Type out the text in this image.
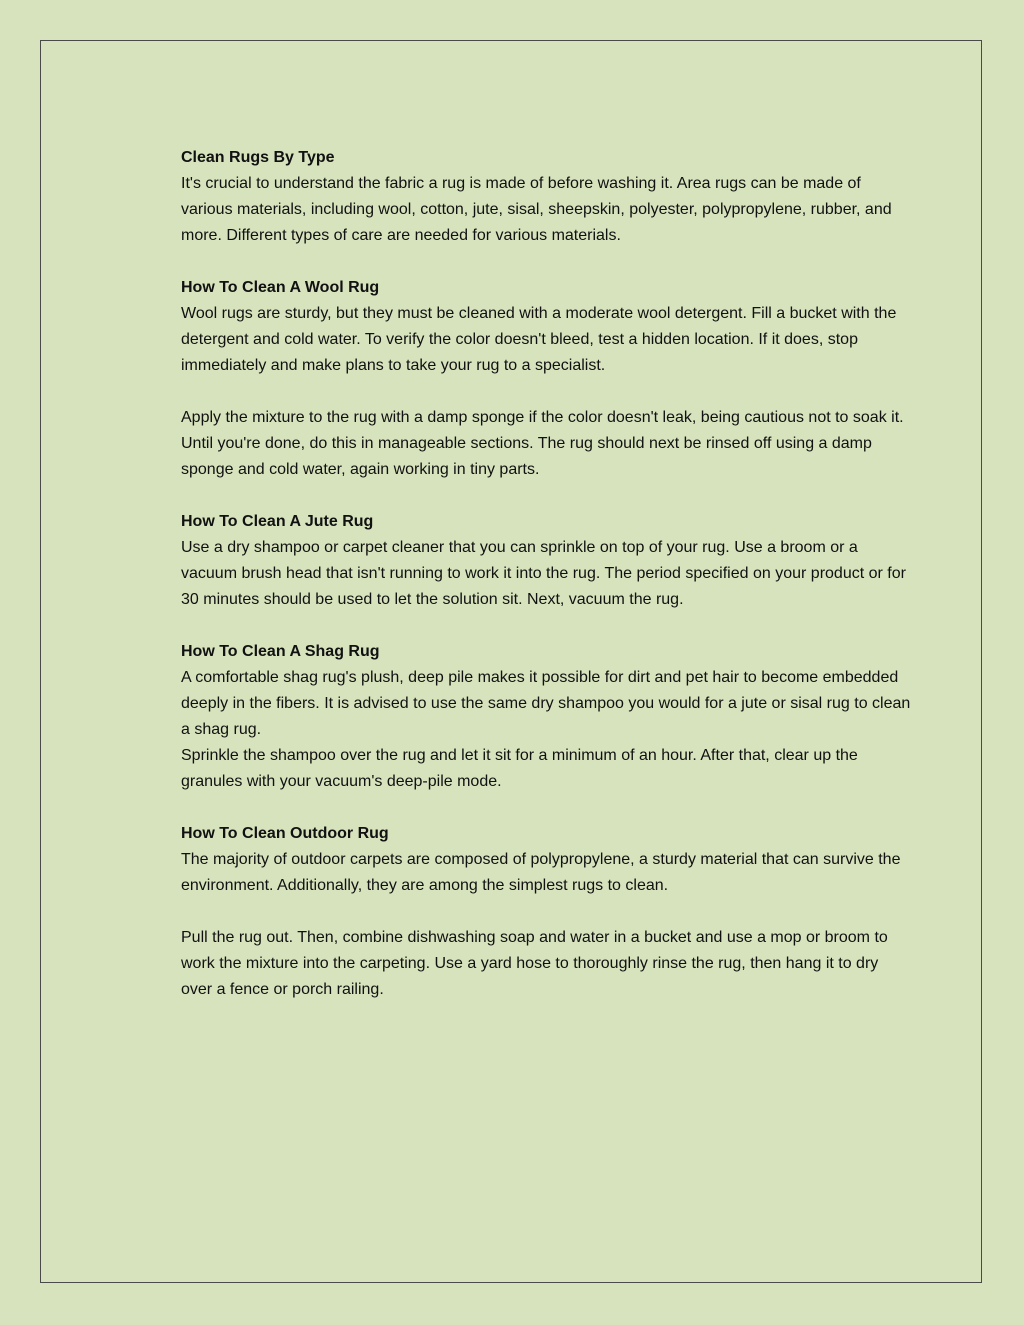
Clean Rugs By Type

It's crucial to understand the fabric a rug is made of before washing it. Area rugs can be made of various materials, including wool, cotton, jute, sisal, sheepskin, polyester, polypropylene, rubber, and more. Different types of care are needed for various materials.

How To Clean A Wool Rug

Wool rugs are sturdy, but they must be cleaned with a moderate wool detergent. Fill a bucket with the detergent and cold water. To verify the color doesn't bleed, test a hidden location. If it does, stop immediately and make plans to take your rug to a specialist.

Apply the mixture to the rug with a damp sponge if the color doesn't leak, being cautious not to soak it. Until you're done, do this in manageable sections. The rug should next be rinsed off using a damp sponge and cold water, again working in tiny parts.

How To Clean A Jute Rug

Use a dry shampoo or carpet cleaner that you can sprinkle on top of your rug. Use a broom or a vacuum brush head that isn't running to work it into the rug. The period specified on your product or for 30 minutes should be used to let the solution sit. Next, vacuum the rug.

How To Clean A Shag Rug

A comfortable shag rug's plush, deep pile makes it possible for dirt and pet hair to become embedded deeply in the fibers. It is advised to use the same dry shampoo you would for a jute or sisal rug to clean a shag rug.

Sprinkle the shampoo over the rug and let it sit for a minimum of an hour. After that, clear up the granules with your vacuum's deep-pile mode.

How To Clean Outdoor Rug

The majority of outdoor carpets are composed of polypropylene, a sturdy material that can survive the environment. Additionally, they are among the simplest rugs to clean.

Pull the rug out. Then, combine dishwashing soap and water in a bucket and use a mop or broom to work the mixture into the carpeting. Use a yard hose to thoroughly rinse the rug, then hang it to dry over a fence or porch railing.
